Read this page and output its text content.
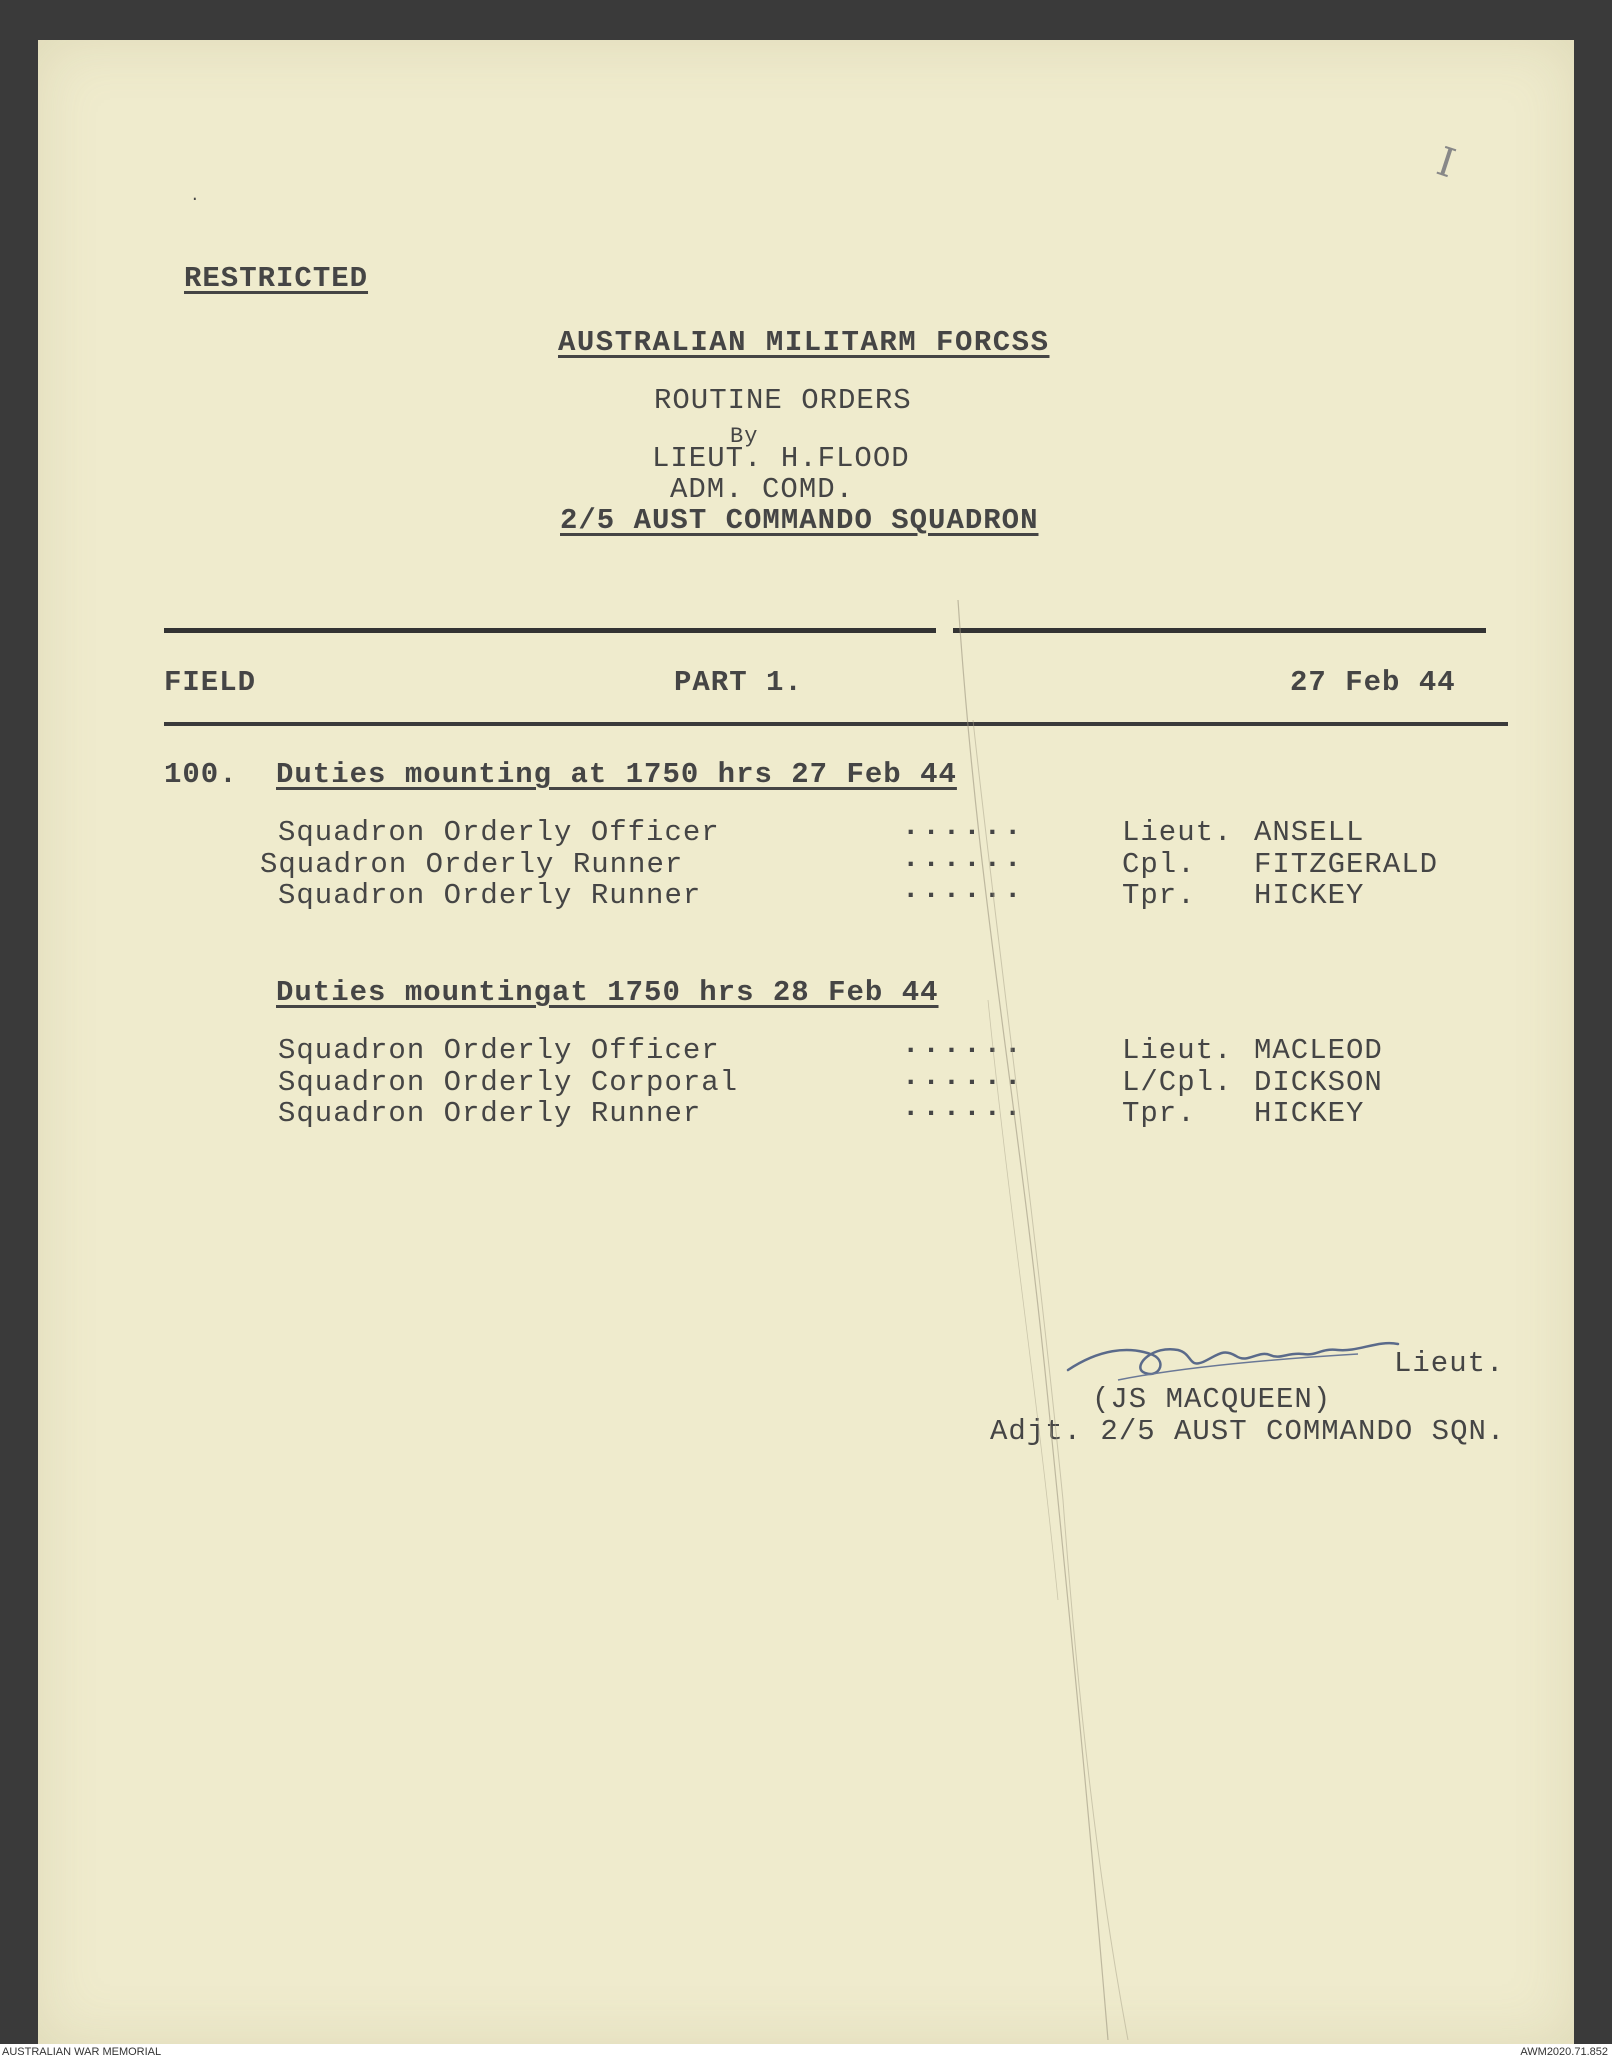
I
·
RESTRICTED
AUSTRALIAN MILITARM FORCSS
ROUTINE ORDERS
By
LIEUT. H.FLOOD
ADM. COMD.
2/5 AUST COMMANDO SQUADRON
FIELD	PART 1.	27 Feb 44
100. Duties mounting at 1750 hrs 27 Feb 44
Squadron Orderly Officer	......	Lieut. ANSELL
Squadron Orderly Runner	......	Cpl. FITZGERALD
Squadron Orderly Runner	......	Tpr. HICKEY
Duties mountingat 1750 hrs 28 Feb 44
Squadron Orderly Officer	......	Lieut. MACLEOD
Squadron Orderly Corporal	......	L/Cpl. DICKSON
Squadron Orderly Runner	......	Tpr. HICKEY
Lieut.
(JS MACQUEEN)
Adjt. 2/5 AUST COMMANDO SQN.
AUSTRALIAN WAR MEMORIAL	AWM2020.71.852
